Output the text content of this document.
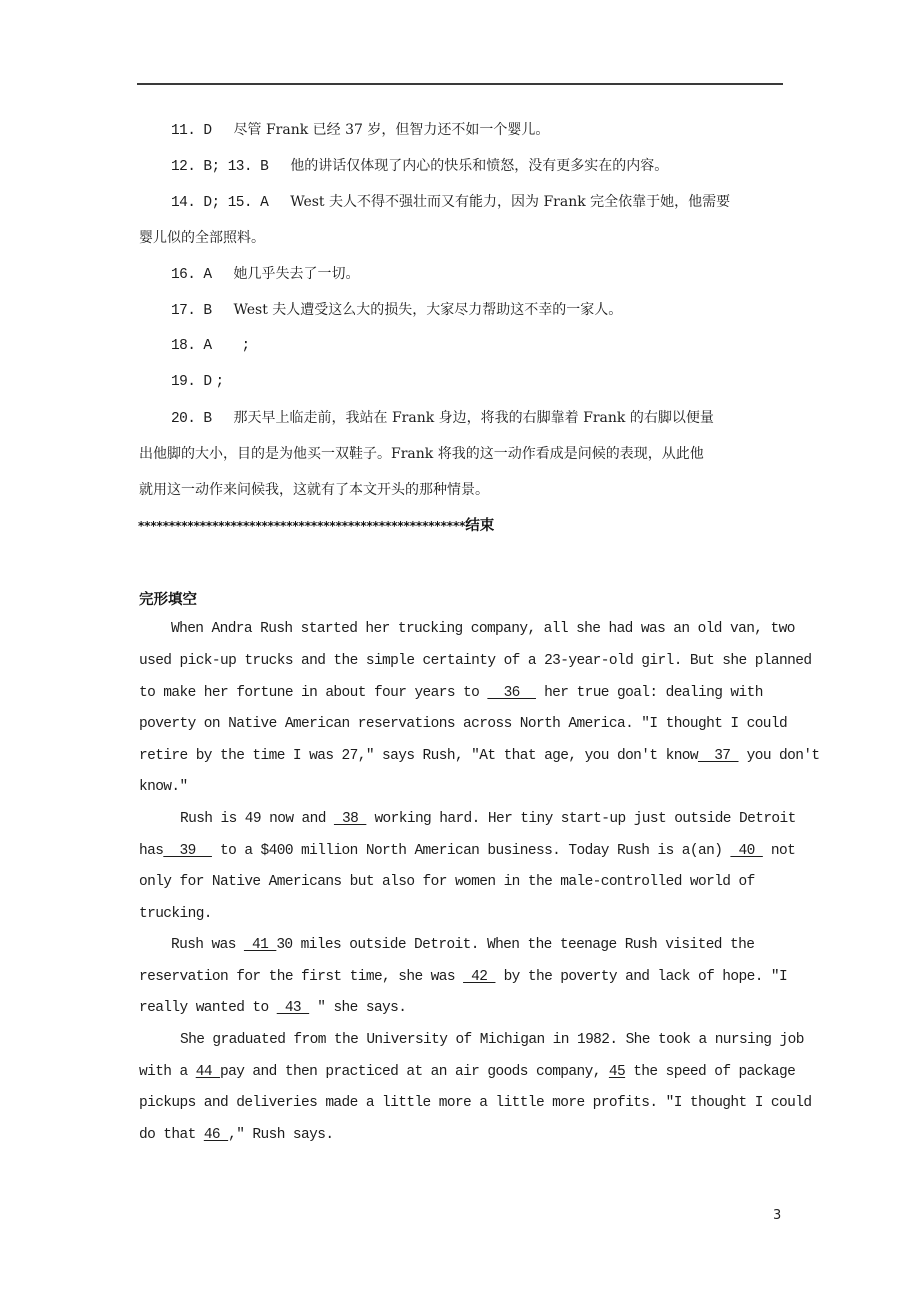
11. D 尽管 Frank 已经 37 岁，但智力还不如一个婴儿。
12. B; 13. B 他的讲话仅体现了内心的快乐和愤怒，没有更多实在的内容。
14. D; 15. A West 夫人不得不强壮而又有能力，因为 Frank 完全依靠于她，他需要
婴儿似的全部照料。
16. A 她几乎失去了一切。
17. B West 夫人遭受这么大的损失，大家尽力帮助这不幸的一家人。
18. A ;
19. D ;
20. B 那天早上临走前，我站在 Frank 身边，将我的右脚靠着 Frank 的右脚以便量
出他脚的大小，目的是为他买一双鞋子。Frank 将我的这一动作看成是问候的表现，从此他
就用这一动作来问候我，这就有了本文开头的那种情景。
*****************************************************结束
完形填空
When Andra Rush started her trucking company, all she had was an old van, two
used pick-up trucks and the simple certainty of a 23-year-old girl. But she planned
to make her fortune in about four years to   36   her true goal: dealing with
poverty on Native American reservations across North America. "I thought I could
retire by the time I was 27," says Rush, "At that age, you don't know  37  you don't
know."
Rush is 49 now and  38  working hard. Her tiny start-up just outside Detroit
has  39   to a $400 million North American business. Today Rush is a(an)  40  not
only for Native Americans but also for women in the male-controlled world of
trucking.
Rush was  41 30 miles outside Detroit. When the teenage Rush visited the
reservation for the first time, she was  42  by the poverty and lack of hope. "I
really wanted to  43  " she says.
She graduated from the University of Michigan in 1982. She took a nursing job
with a 44 pay and then practiced at an air goods company, 45 the speed of package
pickups and deliveries made a little more a little more profits. "I thought I could
do that 46 ," Rush says.
3
